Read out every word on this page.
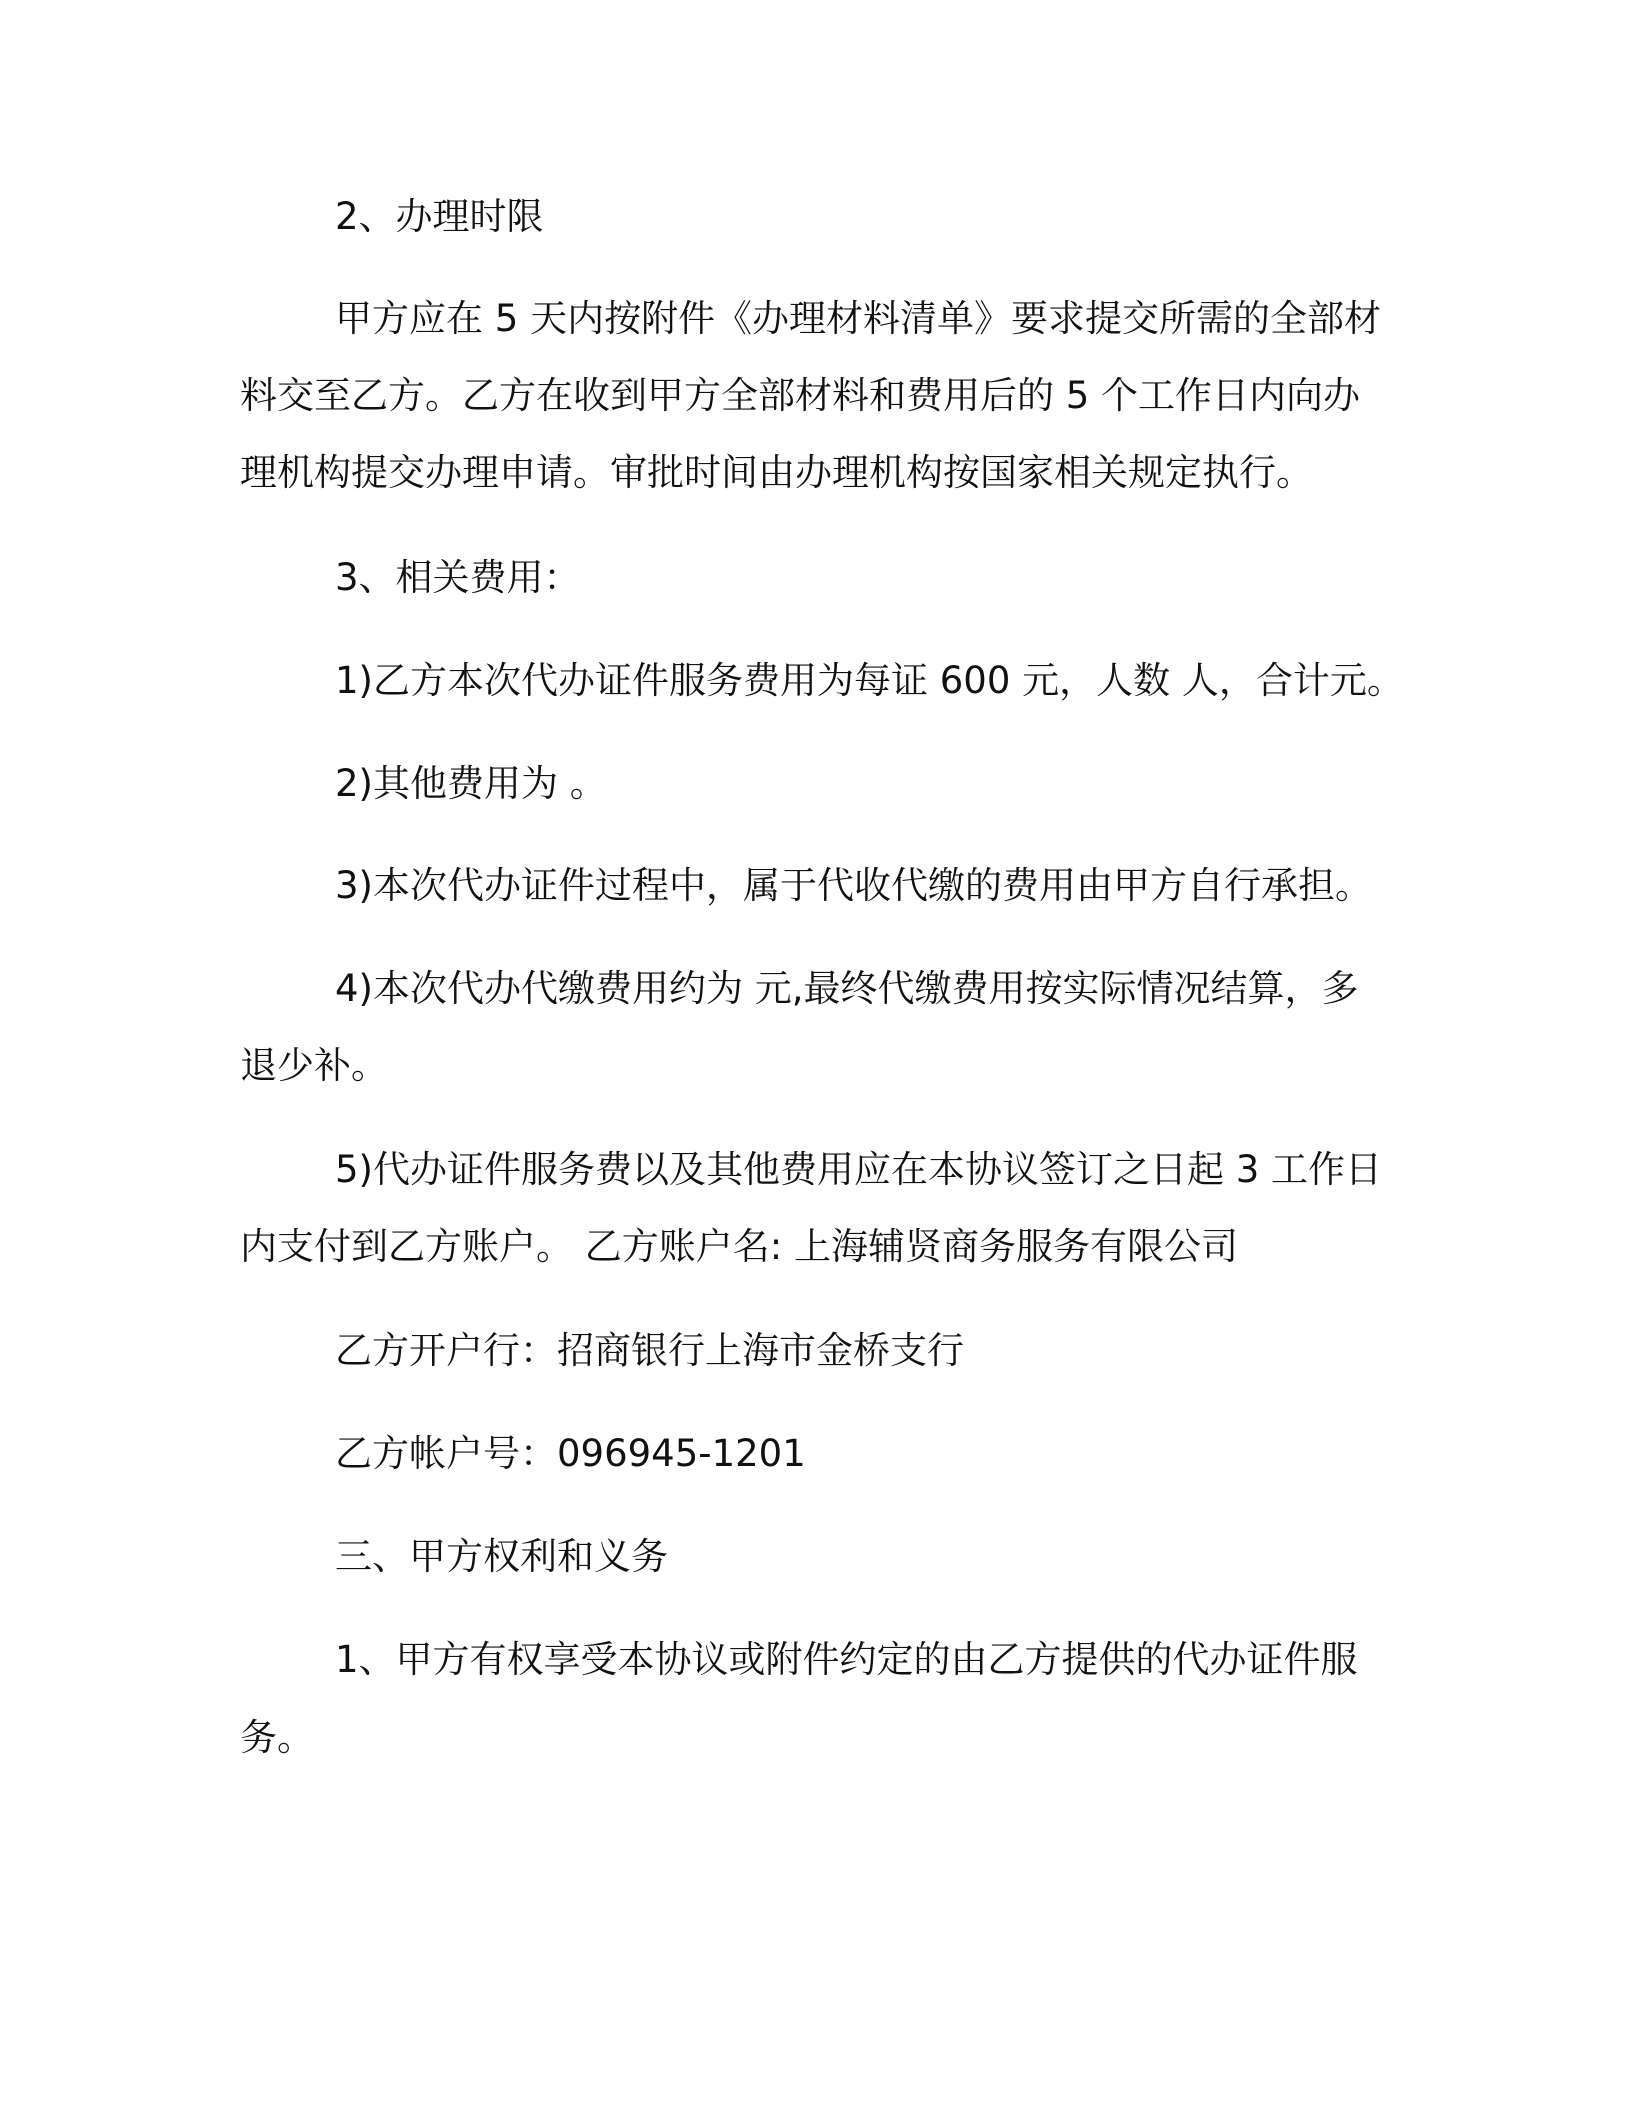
2、办理时限
甲方应在 5 天内按附件《办理材料清单》要求提交所需的全部材
料交至乙方。乙方在收到甲方全部材料和费用后的 5 个工作日内向办
理机构提交办理申请。审批时间由办理机构按国家相关规定执行。
3、相关费用：
1)乙方本次代办证件服务费用为每证 600 元，人数 人，合计元。
2)其他费用为 。
3)本次代办证件过程中，属于代收代缴的费用由甲方自行承担。
4)本次代办代缴费用约为 元,最终代缴费用按实际情况结算，多
退少补。
5)代办证件服务费以及其他费用应在本协议签订之日起 3 工作日
内支付到乙方账户。 乙方账户名: 上海辅贤商务服务有限公司
乙方开户行：招商银行上海市金桥支行
乙方帐户号：096945-1201
三、甲方权利和义务
1、甲方有权享受本协议或附件约定的由乙方提供的代办证件服
务。
